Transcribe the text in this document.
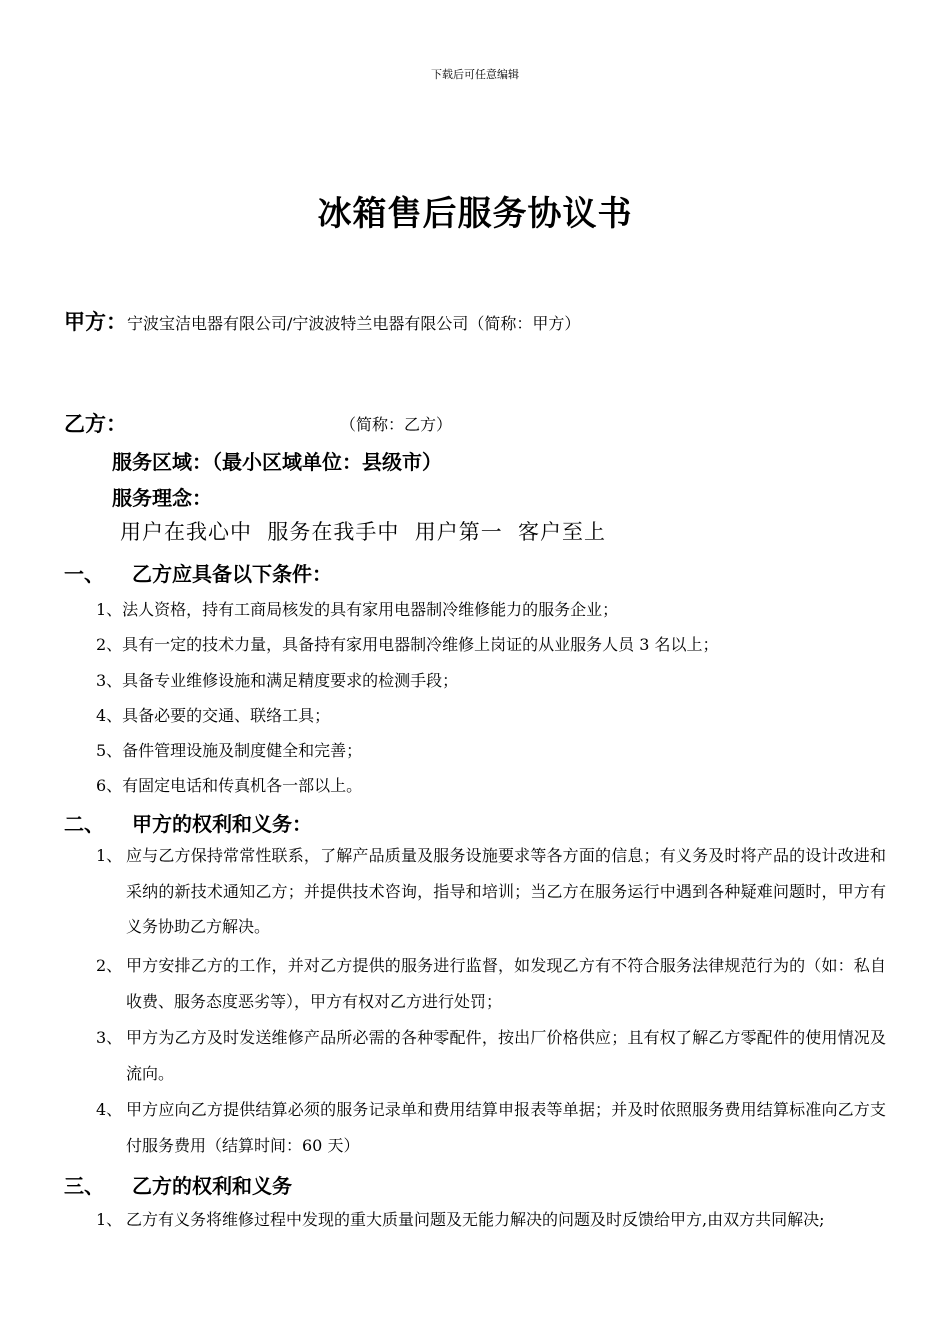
下载后可任意编辑
冰箱售后服务协议书
甲方：宁波宝洁电器有限公司/宁波波特兰电器有限公司（简称：甲方）
乙方：	（简称：乙方）
服务区域：（最小区域单位：县级市）
服务理念：
用户在我心中  服务在我手中  用户第一  客户至上
一、 乙方应具备以下条件：
1、法人资格，持有工商局核发的具有家用电器制冷维修能力的服务企业；
2、具有一定的技术力量，具备持有家用电器制冷维修上岗证的从业服务人员 3 名以上；
3、具备专业维修设施和满足精度要求的检测手段；
4、具备必要的交通、联络工具；
5、备件管理设施及制度健全和完善；
6、有固定电话和传真机各一部以上。
二、 甲方的权利和义务：
1、 应与乙方保持常常性联系，了解产品质量及服务设施要求等各方面的信息；有义务及时将产品的设计改进和采纳的新技术通知乙方；并提供技术咨询，指导和培训；当乙方在服务运行中遇到各种疑难问题时，甲方有义务协助乙方解决。
2、 甲方安排乙方的工作，并对乙方提供的服务进行监督，如发现乙方有不符合服务法律规范行为的（如：私自收费、服务态度恶劣等），甲方有权对乙方进行处罚；
3、 甲方为乙方及时发送维修产品所必需的各种零配件，按出厂价格供应；且有权了解乙方零配件的使用情况及流向。
4、 甲方应向乙方提供结算必须的服务记录单和费用结算申报表等单据；并及时依照服务费用结算标准向乙方支付服务费用（结算时间：60 天）
三、 乙方的权利和义务
1、 乙方有义务将维修过程中发现的重大质量问题及无能力解决的问题及时反馈给甲方,由双方共同解决;
